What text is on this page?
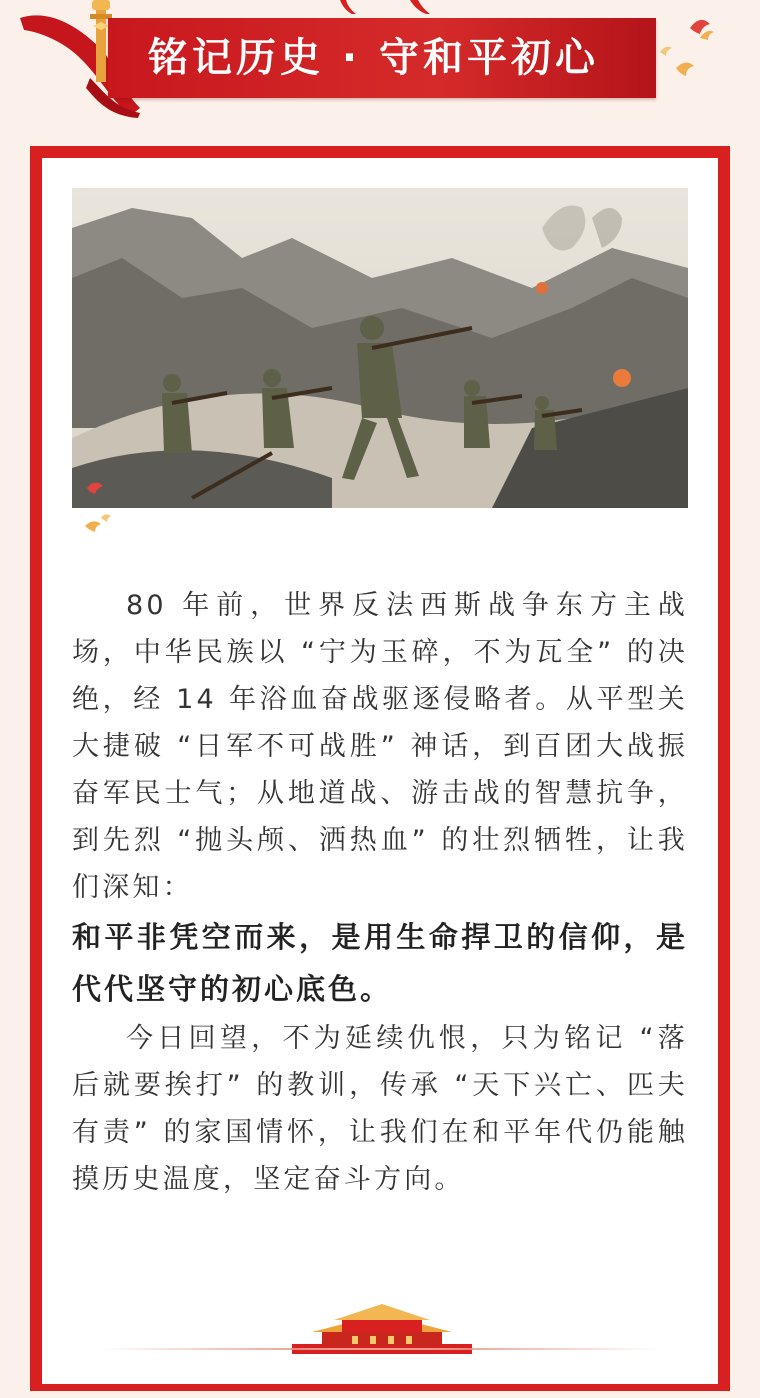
铭记历史 · 守和平初心

80 年前，世界反法西斯战争东方主战场，中华民族以 “宁为玉碎，不为瓦全” 的决绝，经 14 年浴血奋战驱逐侵略者。从平型关大捷破 “日军不可战胜” 神话，到百团大战振奋军民士气；从地道战、游击战的智慧抗争，到先烈 “抛头颅、洒热血” 的壮烈牺牲，让我们深知：

和平非凭空而来，是用生命捍卫的信仰，是代代坚守的初心底色。

今日回望，不为延续仇恨，只为铭记 “落后就要挨打” 的教训，传承 “天下兴亡、匹夫有责” 的家国情怀，让我们在和平年代仍能触摸历史温度，坚定奋斗方向。
